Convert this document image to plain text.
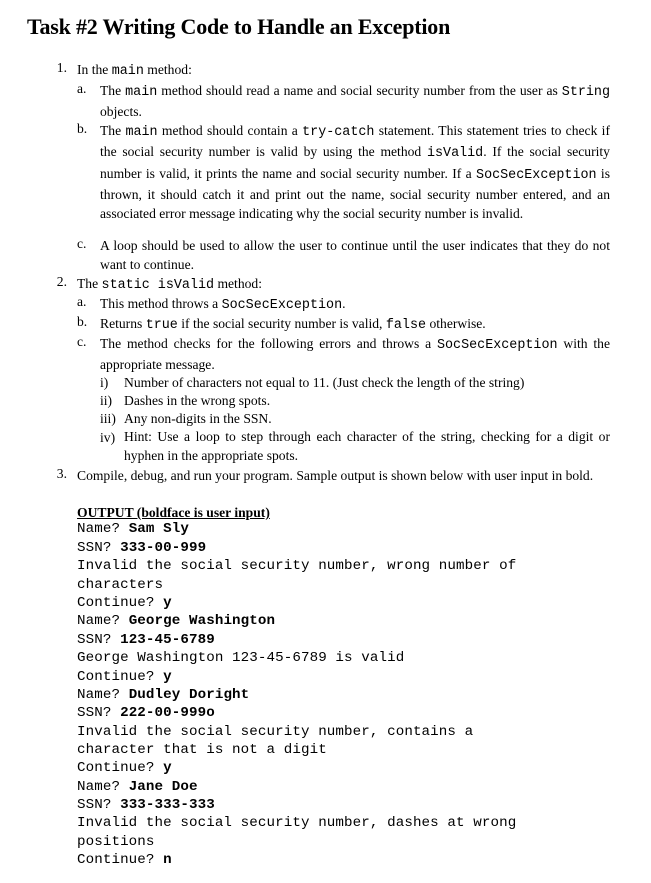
Task #2 Writing Code to Handle an Exception
1. In the main method:
a. The main method should read a name and social security number from the user as String objects.

b. The main method should contain a try-catch statement. This statement tries to check if the social security number is valid by using the method isValid. If the social security number is valid, it prints the name and social security number. If a SocSecException is thrown, it should catch it and print out the name, social security number entered, and an associated error message indicating why the social security number is invalid.

c. A loop should be used to allow the user to continue until the user indicates that they do not want to continue.

2. The static isValid method:
a. This method throws a SocSecException.
b. Returns true if the social security number is valid, false otherwise.
c. The method checks for the following errors and throws a SocSecException with the appropriate message.

i) Number of characters not equal to 11. (Just check the length of the string)
ii) Dashes in the wrong spots.
iii) Any non-digits in the SSN.
iv) Hint: Use a loop to step through each character of the string, checking for a digit or hyphen in the appropriate spots.

3. Compile, debug, and run your program. Sample output is shown below with user input in bold.

OUTPUT (boldface is user input)
Name? Sam Sly
SSN? 333-00-999
Invalid the social security number, wrong number of
characters
Continue? y
Name? George Washington
SSN? 123-45-6789
George Washington 123-45-6789 is valid
Continue? y
Name? Dudley Doright
SSN? 222-00-999o
Invalid the social security number, contains a
character that is not a digit
Continue? y
Name? Jane Doe
SSN? 333-333-333
Invalid the social security number, dashes at wrong
positions
Continue? n
